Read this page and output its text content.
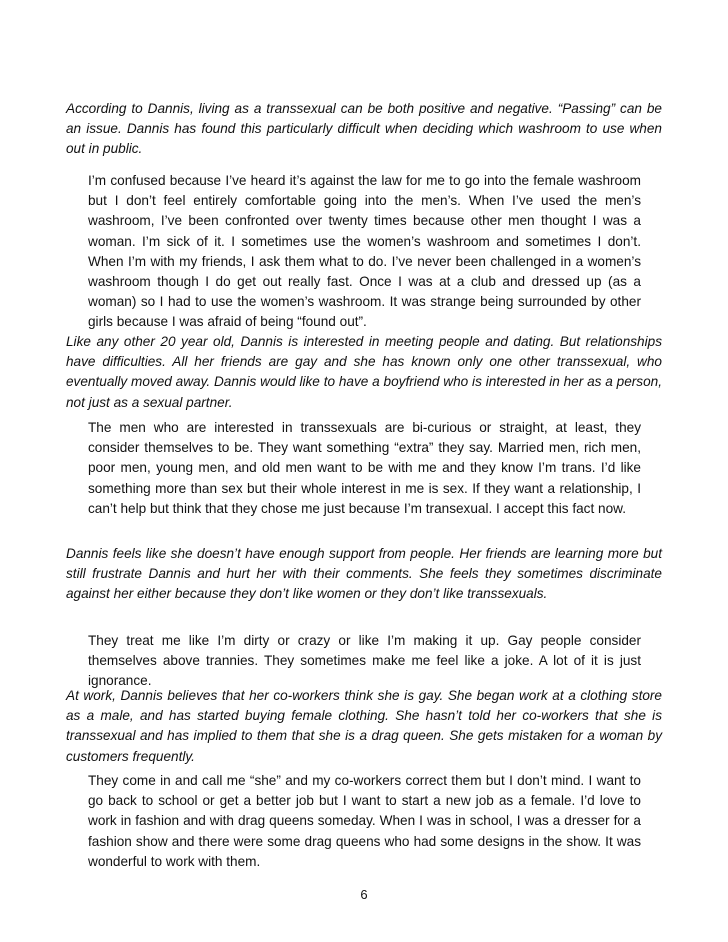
According to Dannis, living as a transsexual can be both positive and negative. “Passing” can be an issue. Dannis has found this particularly difficult when deciding which washroom to use when out in public.

I’m confused because I’ve heard it’s against the law for me to go into the female washroom but I don’t feel entirely comfortable going into the men’s. When I’ve used the men’s washroom, I’ve been confronted over twenty times because other men thought I was a woman. I’m sick of it. I sometimes use the women’s washroom and sometimes I don’t. When I’m with my friends, I ask them what to do. I’ve never been challenged in a women’s washroom though I do get out really fast. Once I was at a club and dressed up (as a woman) so I had to use the women’s washroom. It was strange being surrounded by other girls because I was afraid of being “found out”.

Like any other 20 year old, Dannis is interested in meeting people and dating. But relationships have difficulties. All her friends are gay and she has known only one other transsexual, who eventually moved away. Dannis would like to have a boyfriend who is interested in her as a person, not just as a sexual partner.

The men who are interested in transsexuals are bi-curious or straight, at least, they consider themselves to be. They want something “extra” they say. Married men, rich men, poor men, young men, and old men want to be with me and they know I’m trans. I’d like something more than sex but their whole interest in me is sex. If they want a relationship, I can’t help but think that they chose me just because I’m transexual. I accept this fact now.

Dannis feels like she doesn’t have enough support from people. Her friends are learning more but still frustrate Dannis and hurt her with their comments. She feels they sometimes discriminate against her either because they don’t like women or they don’t like transsexuals.

They treat me like I’m dirty or crazy or like I’m making it up. Gay people consider themselves above trannies. They sometimes make me feel like a joke. A lot of it is just ignorance.

At work, Dannis believes that her co-workers think she is gay. She began work at a clothing store as a male, and has started buying female clothing. She hasn’t told her co-workers that she is transsexual and has implied to them that she is a drag queen. She gets mistaken for a woman by customers frequently.

They come in and call me “she” and my co-workers correct them but I don’t mind. I want to go back to school or get a better job but I want to start a new job as a female. I’d love to work in fashion and with drag queens someday. When I was in school, I was a dresser for a fashion show and there were some drag queens who had some designs in the show. It was wonderful to work with them.

6
